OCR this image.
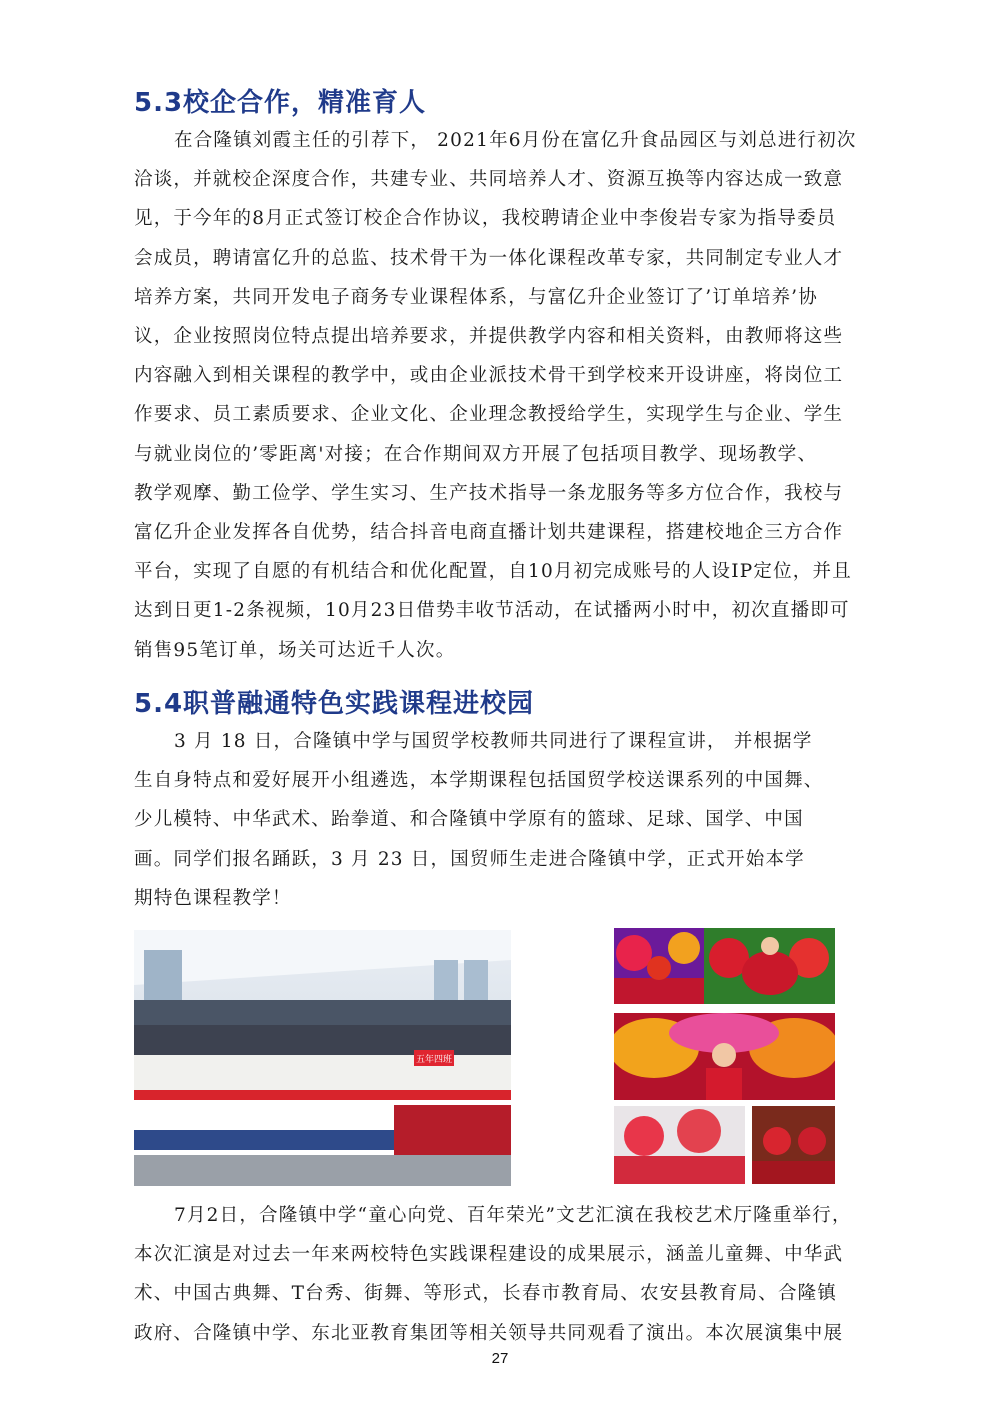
5.3校企合作，精准育人
在合隆镇刘霞主任的引荐下， 2021年6月份在富亿升食品园区与刘总进行初次
洽谈，并就校企深度合作，共建专业、共同培养人才、资源互换等内容达成一致意
见，于今年的8月正式签订校企合作协议，我校聘请企业中李俊岩专家为指导委员
会成员，聘请富亿升的总监、技术骨干为一体化课程改革专家，共同制定专业人才
培养方案，共同开发电子商务专业课程体系，与富亿升企业签订了’订单培养’协
议，企业按照岗位特点提出培养要求，并提供教学内容和相关资料，由教师将这些
内容融入到相关课程的教学中，或由企业派技术骨干到学校来开设讲座，将岗位工
作要求、员工素质要求、企业文化、企业理念教授给学生，实现学生与企业、学生
与就业岗位的’零距离'对接；在合作期间双方开展了包括项目教学、现场教学、
教学观摩、勤工俭学、学生实习、生产技术指导一条龙服务等多方位合作，我校与
富亿升企业发挥各自优势，结合抖音电商直播计划共建课程，搭建校地企三方合作
平台，实现了自愿的有机结合和优化配置，自10月初完成账号的人设IP定位，并且
达到日更1-2条视频，10月23日借势丰收节活动，在试播两小时中，初次直播即可
销售95笔订单，场关可达近千人次。
5.4职普融通特色实践课程进校园
3 月 18 日，合隆镇中学与国贸学校教师共同进行了课程宣讲， 并根据学
生自身特点和爱好展开小组遴选，本学期课程包括国贸学校送课系列的中国舞、
少儿模特、中华武术、跆拳道、和合隆镇中学原有的篮球、足球、国学、中国
画。同学们报名踊跃，3 月 23 日，国贸师生走进合隆镇中学，正式开始本学
期特色课程教学！
五年四班
7月2日，合隆镇中学“童心向党、百年荣光”文艺汇演在我校艺术厅隆重举行，
本次汇演是对过去一年来两校特色实践课程建设的成果展示，涵盖儿童舞、中华武
术、中国古典舞、T台秀、街舞、等形式，长春市教育局、农安县教育局、合隆镇
政府、合隆镇中学、东北亚教育集团等相关领导共同观看了演出。本次展演集中展
27
